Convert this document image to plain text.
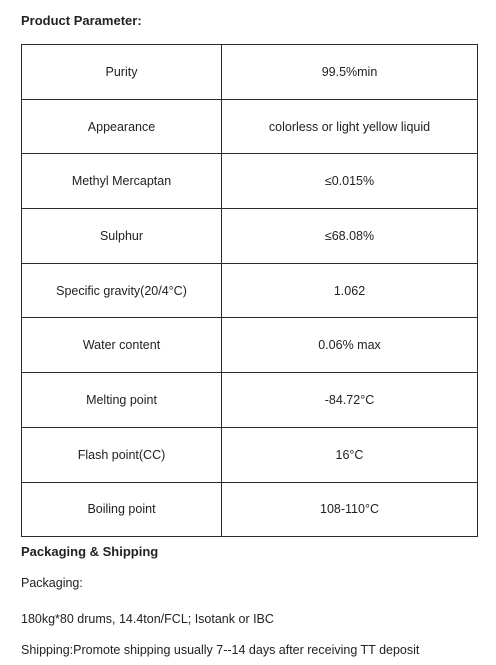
Product Parameter:
Purity	99.5%min
Appearance	colorless or light yellow liquid
Methyl Mercaptan	≤0.015%
Sulphur	≤68.08%
Specific gravity(20/4°C)	1.062
Water content	0.06% max
Melting point	-84.72°C
Flash point(CC)	16°C
Boiling point	108-110°C
Packaging & Shipping
Packaging:
180kg*80 drums, 14.4ton/FCL; Isotank or IBC
Shipping:Promote shipping usually 7--14 days after receiving TT deposit
